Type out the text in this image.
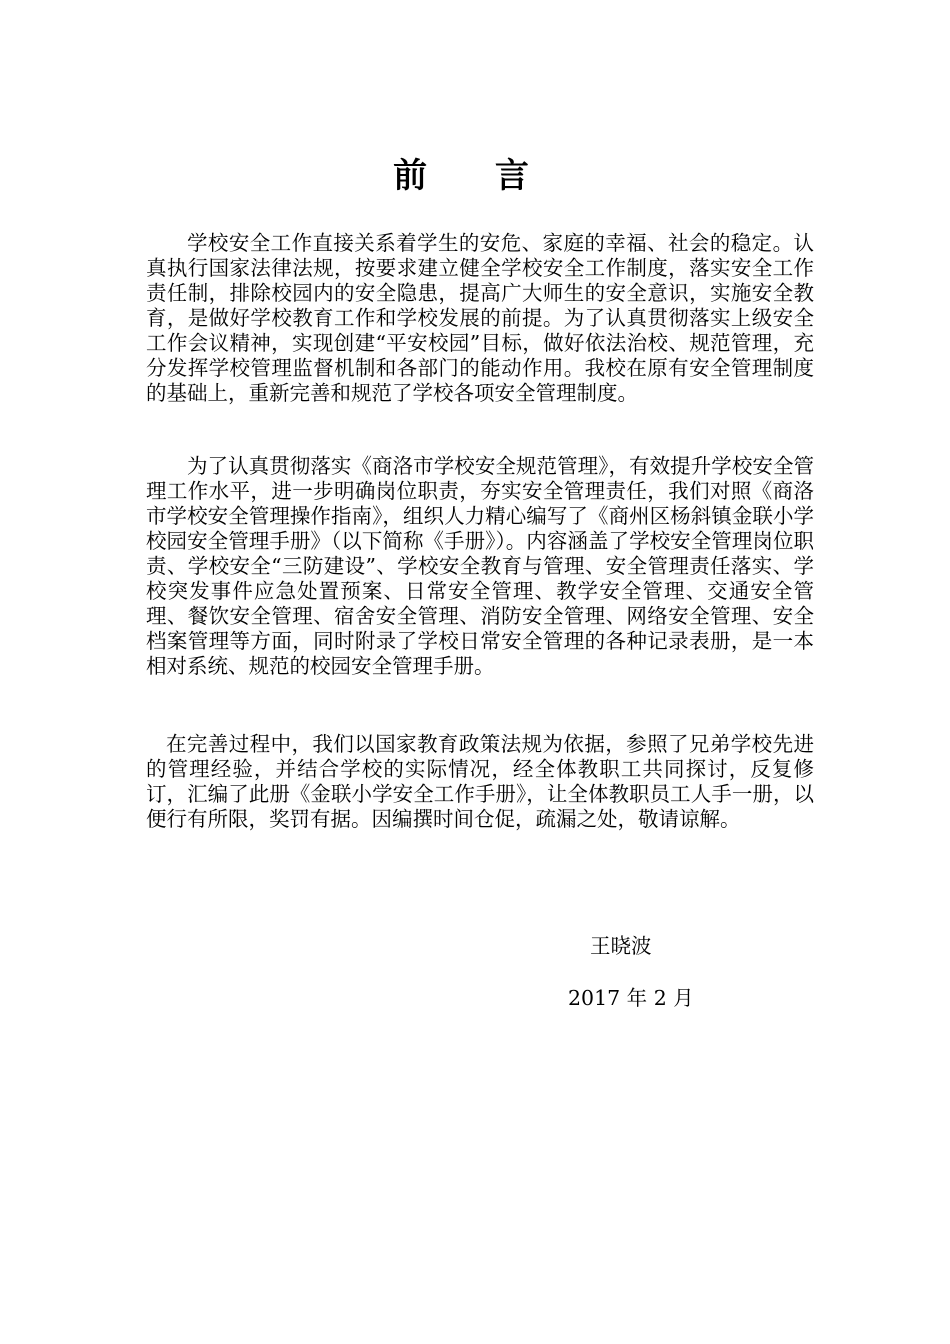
前 言

学校安全工作直接关系着学生的安危、家庭的幸福、社会的稳定。认真执行国家法律法规，按要求建立健全学校安全工作制度，落实安全工作责任制，排除校园内的安全隐患，提高广大师生的安全意识，实施安全教育，是做好学校教育工作和学校发展的前提。为了认真贯彻落实上级安全工作会议精神，实现创建“平安校园”目标，做好依法治校、规范管理，充分发挥学校管理监督机制和各部门的能动作用。我校在原有安全管理制度的基础上，重新完善和规范了学校各项安全管理制度。

为了认真贯彻落实《商洛市学校安全规范管理》，有效提升学校安全管理工作水平，进一步明确岗位职责，夯实安全管理责任，我们对照《商洛市学校安全管理操作指南》，组织人力精心编写了《商州区杨斜镇金联小学校园安全管理手册》（以下简称《手册》）。内容涵盖了学校安全管理岗位职责、学校安全“三防建设”、学校安全教育与管理、安全管理责任落实、学校突发事件应急处置预案、日常安全管理、教学安全管理、交通安全管理、餐饮安全管理、宿舍安全管理、消防安全管理、网络安全管理、安全档案管理等方面，同时附录了学校日常安全管理的各种记录表册，是一本相对系统、规范的校园安全管理手册。

在完善过程中，我们以国家教育政策法规为依据，参照了兄弟学校先进的管理经验，并结合学校的实际情况，经全体教职工共同探讨，反复修订，汇编了此册《金联小学安全工作手册》，让全体教职员工人手一册，以便行有所限，奖罚有据。因编撰时间仓促，疏漏之处，敬请谅解。

王晓波
2017 年 2 月
